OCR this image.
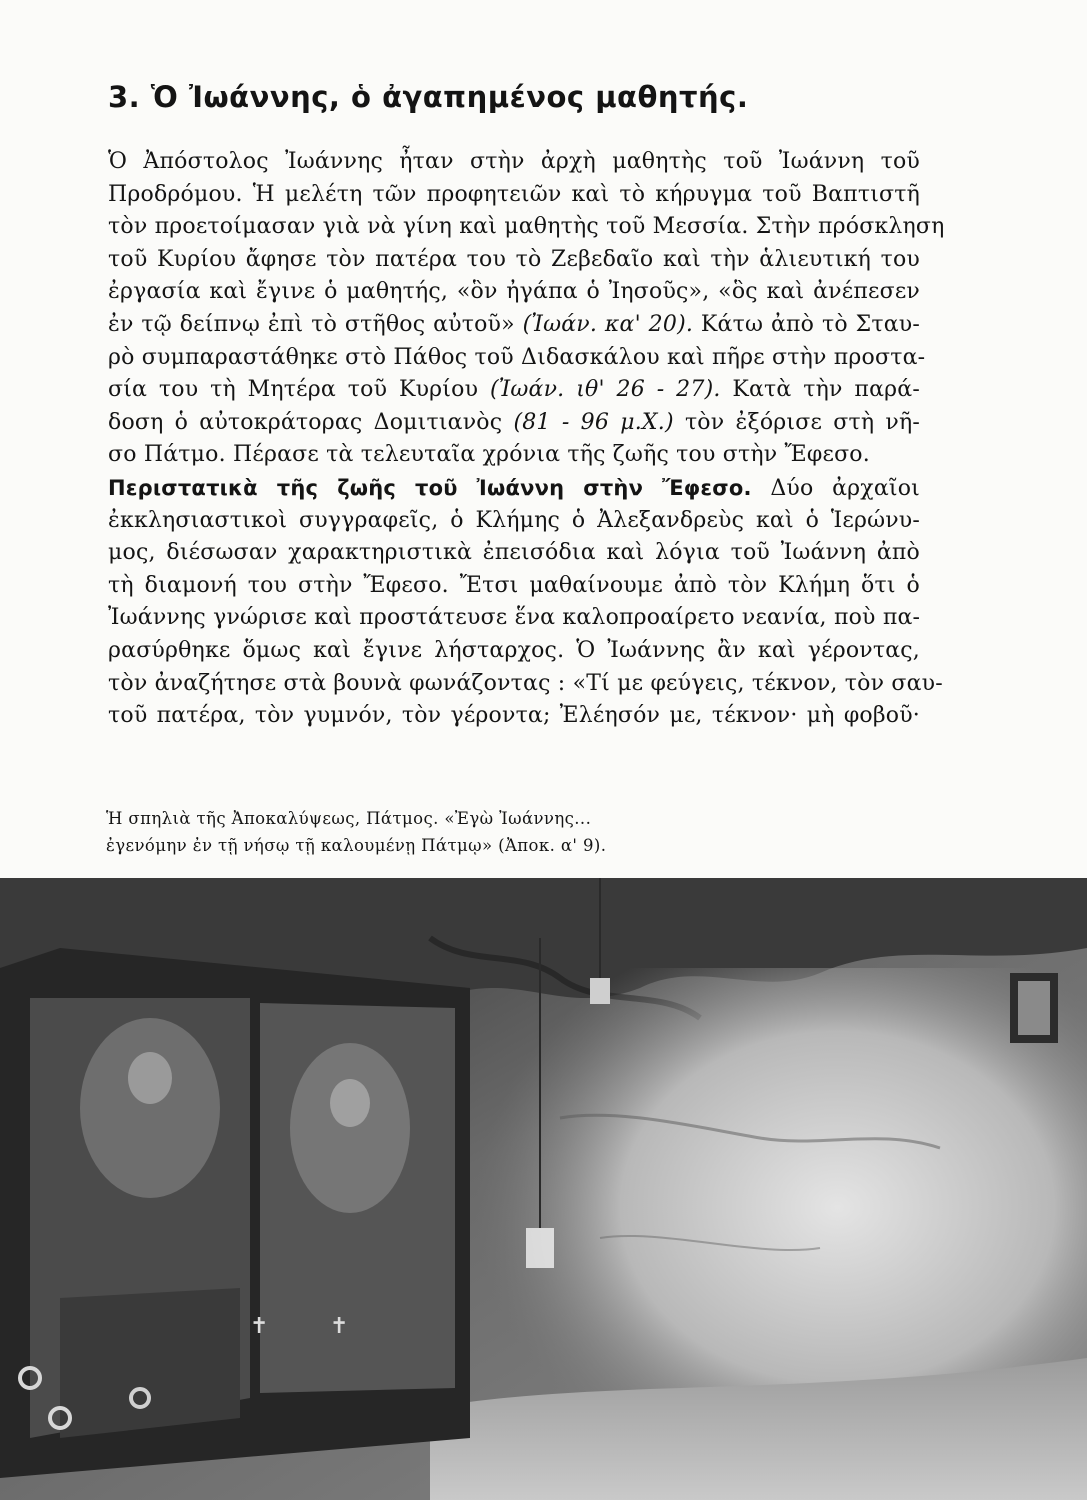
3. Ὁ Ἰωάννης, ὁ ἀγαπημένος μαθητής.
Ὁ Ἀπόστολος Ἰωάννης ἦταν στὴν ἀρχὴ μαθητὴς τοῦ Ἰωάννη τοῦ
Προδρόμου. Ἡ μελέτη τῶν προφητειῶν καὶ τὸ κήρυγμα τοῦ Βαπτιστῆ
τὸν προετοίμασαν γιὰ νὰ γίνη καὶ μαθητὴς τοῦ Μεσσία. Στὴν πρόσκληση
τοῦ Κυρίου ἄφησε τὸν πατέρα του τὸ Ζεβεδαῖο καὶ τὴν ἁλιευτική του
ἐργασία καὶ ἔγινε ὁ μαθητής, «ὃν ἠγάπα ὁ Ἰησοῦς», «ὃς καὶ ἀνέπεσεν
ἐν τῷ δείπνῳ ἐπὶ τὸ στῆθος αὐτοῦ» (Ἰωάν. κα' 20). Κάτω ἀπὸ τὸ Σταυ-
ρὸ συμπαραστάθηκε στὸ Πάθος τοῦ Διδασκάλου καὶ πῆρε στὴν προστα-
σία του τὴ Μητέρα τοῦ Κυρίου (Ἰωάν. ιθ' 26 - 27). Κατὰ τὴν παρά-
δοση ὁ αὐτοκράτορας Δομιτιανὸς (81 - 96 μ.Χ.) τὸν ἐξόρισε στὴ νῆ-
σο Πάτμο. Πέρασε τὰ τελευταῖα χρόνια τῆς ζωῆς του στὴν Ἔφεσο.
Περιστατικὰ τῆς ζωῆς τοῦ Ἰωάννη στὴν Ἔφεσο. Δύο ἀρχαῖοι
ἐκκλησιαστικοὶ συγγραφεῖς, ὁ Κλήμης ὁ Ἀλεξανδρεὺς καὶ ὁ Ἱερώνυ-
μος, διέσωσαν χαρακτηριστικὰ ἐπεισόδια καὶ λόγια τοῦ Ἰωάννη ἀπὸ
τὴ διαμονή του στὴν Ἔφεσο. Ἔτσι μαθαίνουμε ἀπὸ τὸν Κλήμη ὅτι ὁ
Ἰωάννης γνώρισε καὶ προστάτευσε ἕνα καλοπροαίρετο νεανία, ποὺ πα-
ρασύρθηκε ὅμως καὶ ἔγινε λήσταρχος. Ὁ Ἰωάννης ἂν καὶ γέροντας,
τὸν ἀναζήτησε στὰ βουνὰ φωνάζοντας : «Τί με φεύγεις, τέκνον, τὸν σαυ-
τοῦ πατέρα, τὸν γυμνόν, τὸν γέροντα; Ἐλέησόν με, τέκνον· μὴ φοβοῦ·
Ἡ σπηλιὰ τῆς Ἀποκαλύψεως, Πάτμος. «Ἐγὼ Ἰωάννης...
ἐγενόμην ἐν τῇ νήσῳ τῇ καλουμένῃ Πάτμῳ» (Ἀποκ. α' 9).
✝	✝
